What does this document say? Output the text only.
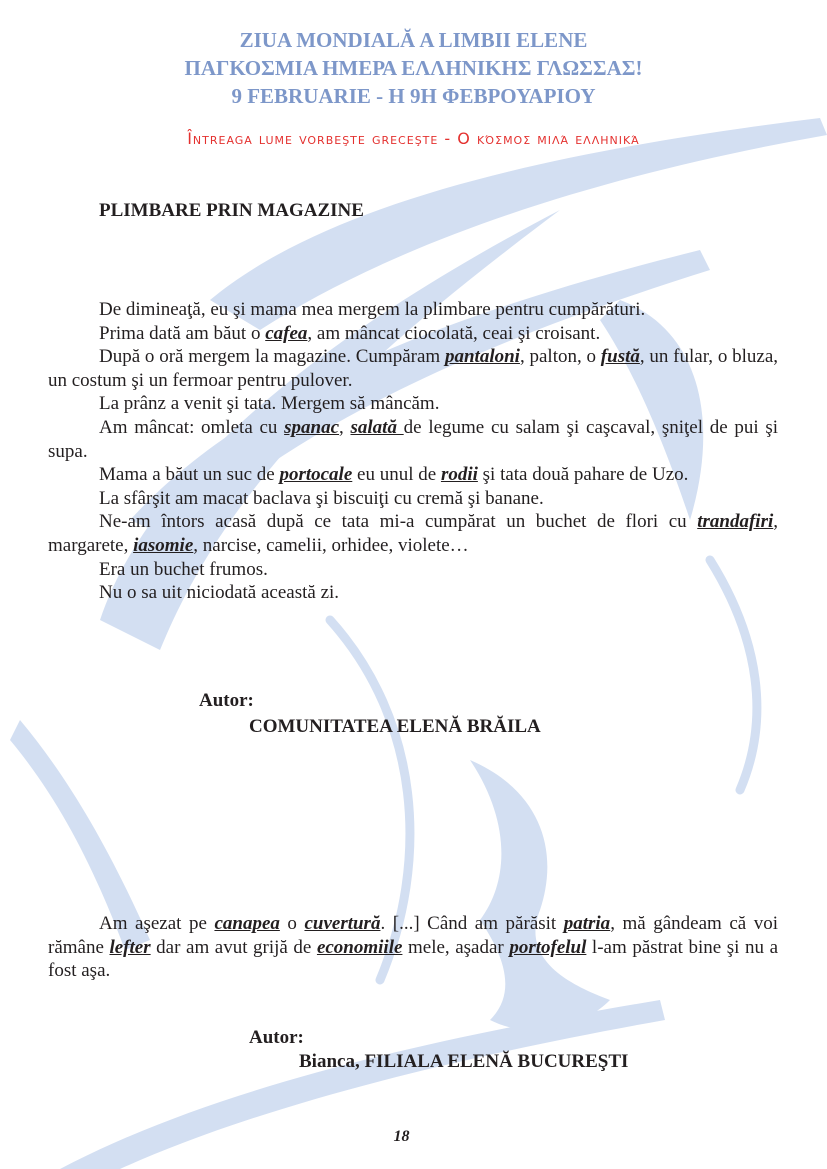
ZIUA MONDIALĂ A LIMBII ELENE
ΠΑΓΚΟΣΜΙΑ ΗΜΕΡΑ ΕΛΛΗΝΙΚΗΣ ΓΛΩΣΣΑΣ!
9 FEBRUARIE - Η 9Η ΦΕΒΡΟΥΑΡΙΟΥ
Întreaga lume vorbeşte greceşte - Ο κόσμος μιλά ελληνικά
PLIMBARE PRIN MAGAZINE

De dimineaţă, eu şi mama mea mergem la plimbare pentru cumpărături.

Prima dată am băut o cafea, am mâncat ciocolată, ceai şi croisant.

După o oră mergem la magazine. Cumpăram pantaloni, palton, o fustă, un fular, o bluza, un costum şi un fermoar pentru pulover.

La prânz a venit şi tata. Mergem să mâncăm.

Am mâncat: omleta cu spanac, salată de legume cu salam şi caşcaval, şniţel de pui şi supa.

Mama a băut un suc de portocale eu unul de rodii şi tata două pahare de Uzo.

La sfârşit am macat baclava şi biscuiţi cu cremă şi banane.

Ne-am întors acasă după ce tata mi-a cumpărat un buchet de flori cu trandafiri, margarete, iasomie, narcise, camelii, orhidee, violete…

Era un buchet frumos.

Nu o sa uit niciodată această zi.

Autor:
COMUNITATEA ELENĂ BRĂILA

Am aşezat pe canapea o cuvertură. [...] Când am părăsit patria, mă gândeam că voi rămâne lefter dar am avut grijă de economiile mele, aşadar portofelul l-am păstrat bine şi nu a fost aşa.

Autor:
Bianca, FILIALA ELENĂ BUCUREŞTI
18
